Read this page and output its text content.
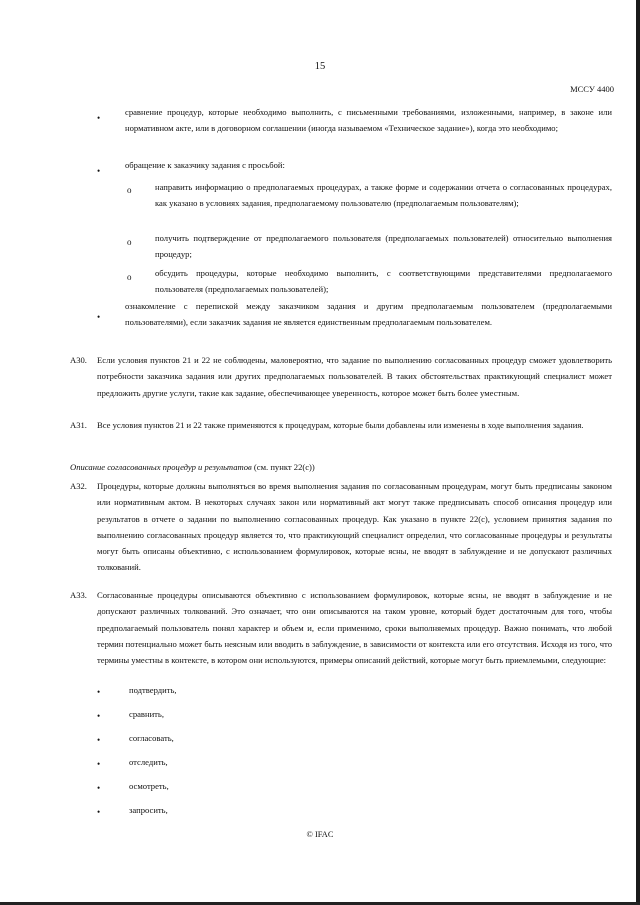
15
МССУ 4400
•
сравнение процедур, которые необходимо выполнить, с письменными требованиями, изложенными, например, в законе или нормативном акте, или в договорном соглашении (иногда называемом «Техническое задание»), когда это необходимо;
•
обращение к заказчику задания с просьбой:
o	направить информацию о предполагаемых процедурах, а также форме и содержании отчета о согласованных процедурах, как указано в условиях задания, предполагаемому пользователю (предполагаемым пользователям);
o	получить подтверждение от предполагаемого пользователя (предполагаемых пользователей) относительно выполнения процедур;
o	обсудить процедуры, которые необходимо выполнить, с соответствующими представителями предполагаемого пользователя (предполагаемых пользователей);
•
ознакомление с перепиской между заказчиком задания и другим предполагаемым пользователем (предполагаемыми пользователями), если заказчик задания не является единственным предполагаемым пользователем.
A30. Если условия пунктов 21 и 22 не соблюдены, маловероятно, что задание по выполнению согласованных процедур сможет удовлетворить потребности заказчика задания или других предполагаемых пользователей. В таких обстоятельствах практикующий специалист может предложить другие услуги, такие как задание, обеспечивающее уверенность, которое может быть более уместным.
A31. Все условия пунктов 21 и 22 также применяются к процедурам, которые были добавлены или изменены в ходе выполнения задания.
Описание согласованных процедур и результатов (см. пункт 22(c))
A32. Процедуры, которые должны выполняться во время выполнения задания по согласованным процедурам, могут быть предписаны законом или нормативным актом. В некоторых случаях закон или нормативный акт могут также предписывать способ описания процедур или результатов в отчете о задании по выполнению согласованных процедур. Как указано в пункте 22(c), условием принятия задания по выполнению согласованных процедур является то, что практикующий специалист определил, что согласованные процедуры и результаты могут быть описаны объективно, с использованием формулировок, которые ясны, не вводят в заблуждение и не допускают различных толкований.
A33. Согласованные процедуры описываются объективно с использованием формулировок, которые ясны, не вводят в заблуждение и не допускают различных толкований. Это означает, что они описываются на таком уровне, который будет достаточным для того, чтобы предполагаемый пользователь понял характер и объем и, если применимо, сроки выполняемых процедур. Важно понимать, что любой термин потенциально может быть неясным или вводить в заблуждение, в зависимости от контекста или его отсутствия. Исходя из того, что термины уместны в контексте, в котором они используются, примеры описаний действий, которые могут быть приемлемыми, следующие:
•	подтвердить,
•	сравнить,
•	согласовать,
•	отследить,
•	осмотреть,
•	запросить,
© IFAC
